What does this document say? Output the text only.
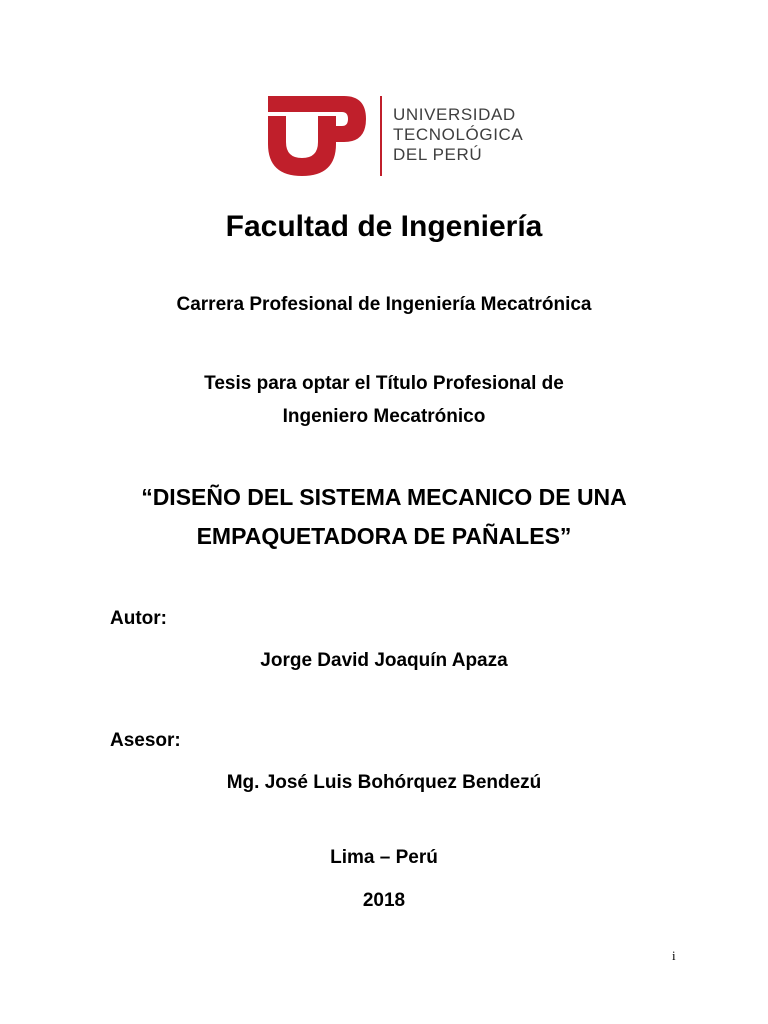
UNIVERSIDAD
TECNOLÓGICA
DEL PERÚ
Facultad de Ingeniería
Carrera Profesional de Ingeniería Mecatrónica
Tesis para optar el Título Profesional de
Ingeniero Mecatrónico
“DISEÑO DEL SISTEMA MECANICO DE UNA
EMPAQUETADORA DE PAÑALES”
Autor:
Jorge David Joaquín Apaza
Asesor:
Mg. José Luis Bohórquez Bendezú
Lima – Perú
2018
i
